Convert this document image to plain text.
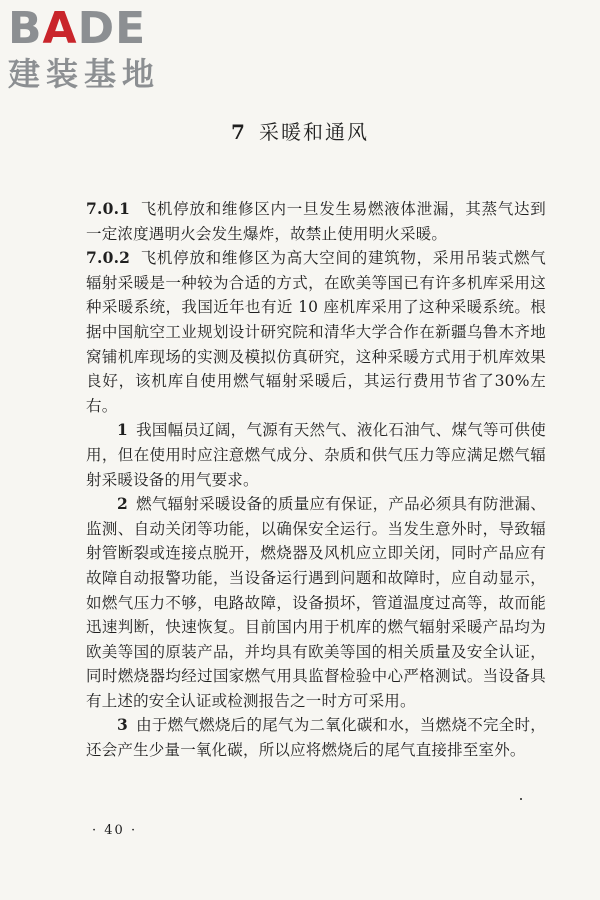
BADE
建装基地
7 采暖和通风

7.0.1 飞机停放和维修区内一旦发生易燃液体泄漏，其蒸气达到一定浓度遇明火会发生爆炸，故禁止使用明火采暖。

7.0.2 飞机停放和维修区为高大空间的建筑物，采用吊装式燃气辐射采暖是一种较为合适的方式，在欧美等国已有许多机库采用这种采暖系统，我国近年也有近 10 座机库采用了这种采暖系统。根据中国航空工业规划设计研究院和清华大学合作在新疆乌鲁木齐地窝铺机库现场的实测及模拟仿真研究，这种采暖方式用于机库效果良好，该机库自使用燃气辐射采暖后，其运行费用节省了30%左右。

1 我国幅员辽阔，气源有天然气、液化石油气、煤气等可供使用，但在使用时应注意燃气成分、杂质和供气压力等应满足燃气辐射采暖设备的用气要求。

2 燃气辐射采暖设备的质量应有保证，产品必须具有防泄漏、监测、自动关闭等功能，以确保安全运行。当发生意外时，导致辐射管断裂或连接点脱开，燃烧器及风机应立即关闭，同时产品应有故障自动报警功能，当设备运行遇到问题和故障时，应自动显示，如燃气压力不够，电路故障，设备损坏，管道温度过高等，故而能迅速判断，快速恢复。目前国内用于机库的燃气辐射采暖产品均为欧美等国的原装产品，并均具有欧美等国的相关质量及安全认证，同时燃烧器均经过国家燃气用具监督检验中心严格测试。当设备具有上述的安全认证或检测报告之一时方可采用。

3 由于燃气燃烧后的尾气为二氧化碳和水，当燃烧不完全时，还会产生少量一氧化碳，所以应将燃烧后的尾气直接排至室外。

· 40 ·
